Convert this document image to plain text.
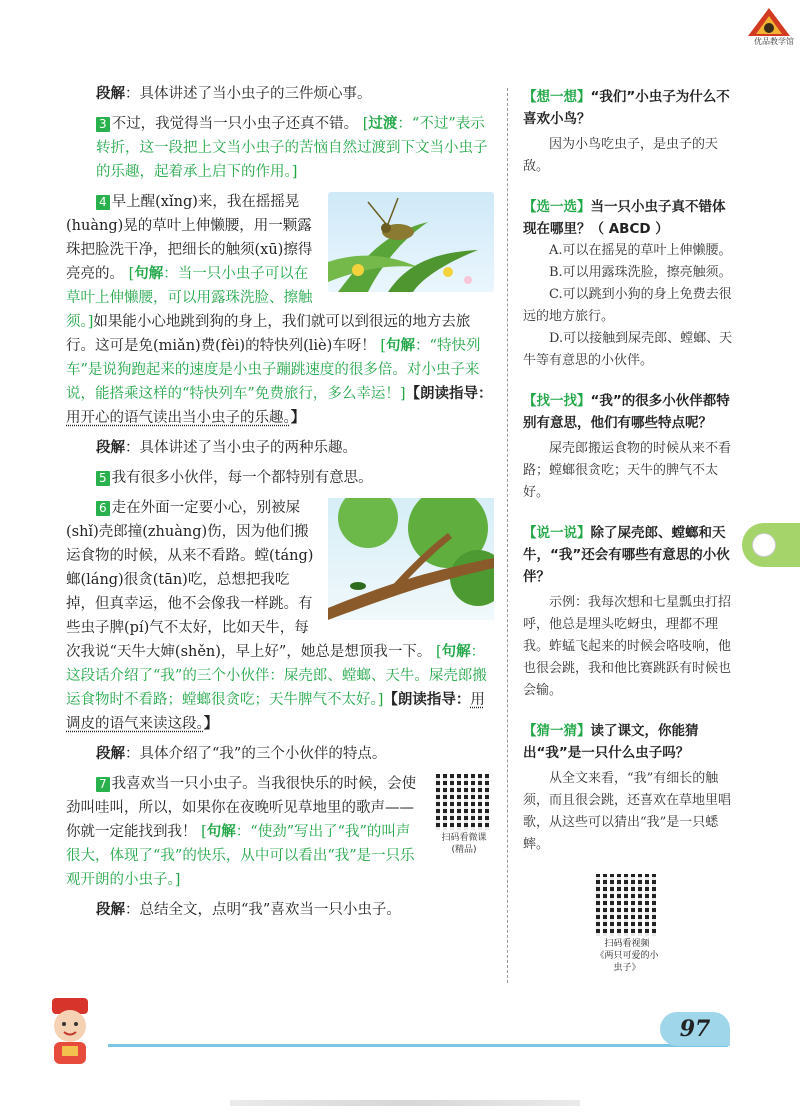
优品教学馆

段解：具体讲述了当小虫子的三件烦心事。

3 不过，我觉得当一只小虫子还真不错。 [过渡：“不过”表示转折，这一段把上文当小虫子的苦恼自然过渡到下文当小虫子的乐趣，起着承上启下的作用。]

4 早上醒(xǐng)来，我在摇摇晃(huàng)晃的草叶上伸懒腰，用一颗露珠把脸洗干净，把细长的触须(xū)擦得亮亮的。 [句解：当一只小虫子可以在草叶上伸懒腰，可以用露珠洗脸、擦触须。]如果能小心地跳到狗的身上，我们就可以到很远的地方去旅行。这可是免(miǎn)费(fèi)的特快列(liè)车呀！ [句解：“特快列车”是说狗跑起来的速度是小虫子蹦跳速度的很多倍。对小虫子来说，能搭乘这样的“特快列车”免费旅行，多么幸运！]【朗读指导：用开心的语气读出当小虫子的乐趣。】

段解：具体讲述了当小虫子的两种乐趣。

5 我有很多小伙伴，每一个都特别有意思。

6 走在外面一定要小心，别被屎(shǐ)壳郎撞(zhuàng)伤，因为他们搬运食物的时候，从来不看路。螳(táng)螂(láng)很贪(tān)吃，总想把我吃掉，但真幸运，他不会像我一样跳。有些虫子脾(pí)气不太好，比如天牛，每次我说“天牛大婶(shěn)，早上好”，她总是想顶我一下。 [句解：这段话介绍了“我”的三个小伙伴：屎壳郎、螳螂、天牛。屎壳郎搬运食物时不看路；螳螂很贪吃；天牛脾气不太好。]【朗读指导：用调皮的语气来读这段。】

段解：具体介绍了“我”的三个小伙伴的特点。

扫码看微课
(精品)
7 我喜欢当一只小虫子。当我很快乐的时候，会使劲叫哇叫，所以，如果你在夜晚听见草地里的歌声——你就一定能找到我！ [句解：“使劲”写出了“我”的叫声很大，体现了“我”的快乐，从中可以看出“我”是一只乐观开朗的小虫子。]

段解：总结全文，点明“我”喜欢当一只小虫子。

【想一想】“我们”小虫子为什么不喜欢小鸟？

因为小鸟吃虫子，是虫子的天敌。

【选一选】当一只小虫子真不错体现在哪里？（ ABCD ）

A.可以在摇晃的草叶上伸懒腰。

B.可以用露珠洗脸，擦亮触须。

C.可以跳到小狗的身上免费去很远的地方旅行。

D.可以接触到屎壳郎、螳螂、天牛等有意思的小伙伴。

【找一找】“我”的很多小伙伴都特别有意思，他们有哪些特点呢？

屎壳郎搬运食物的时候从来不看路；螳螂很贪吃；天牛的脾气不太好。

【说一说】除了屎壳郎、螳螂和天牛，“我”还会有哪些有意思的小伙伴？

示例：我每次想和七星瓢虫打招呼，他总是埋头吃蚜虫，理都不理我。蚱蜢飞起来的时候会咯吱响，他也很会跳，我和他比赛跳跃有时候也会输。

【猜一猜】读了课文，你能猜出“我”是一只什么虫子吗？

从全文来看，“我”有细长的触须，而且很会跳，还喜欢在草地里唱歌，从这些可以猜出“我”是一只蟋蟀。

扫码看视频
《两只可爱的小虫子》
97
